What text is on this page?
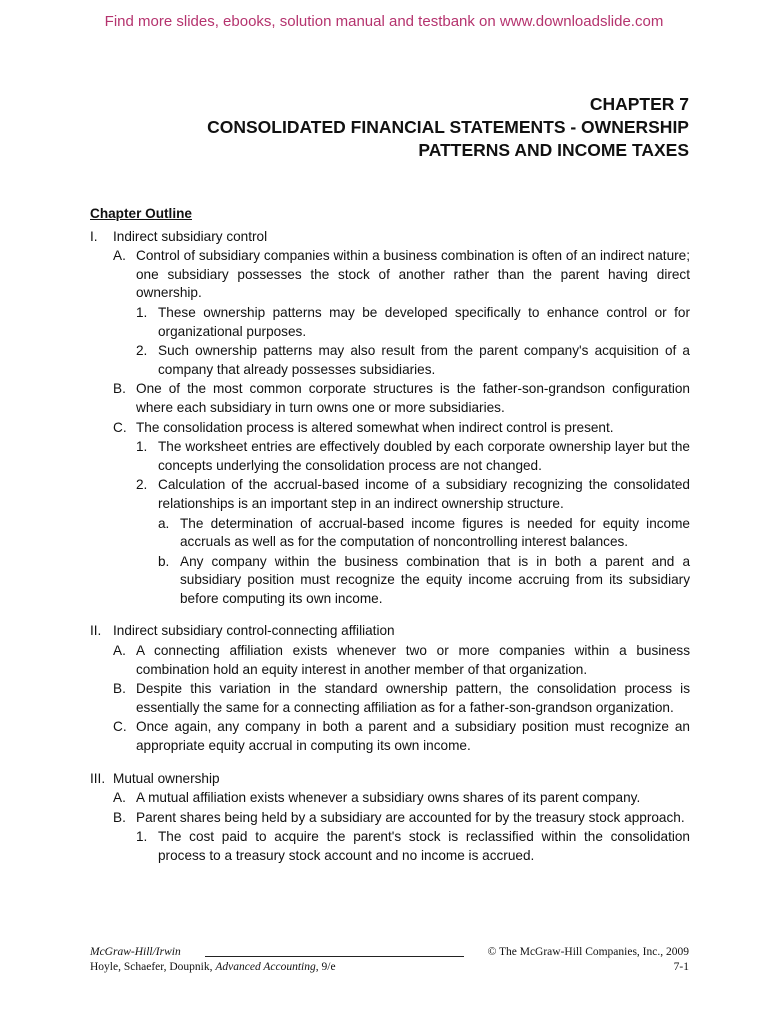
Find more slides, ebooks, solution manual and testbank on www.downloadslide.com
CHAPTER 7
CONSOLIDATED FINANCIAL STATEMENTS - OWNERSHIP
PATTERNS AND INCOME TAXES
Chapter Outline
I.	Indirect subsidiary control
A. Control of subsidiary companies within a business combination is often of an indirect nature; one subsidiary possesses the stock of another rather than the parent having direct ownership.
1. These ownership patterns may be developed specifically to enhance control or for organizational purposes.
2. Such ownership patterns may also result from the parent company's acquisition of a company that already possesses subsidiaries.
B. One of the most common corporate structures is the father-son-grandson configuration where each subsidiary in turn owns one or more subsidiaries.
C. The consolidation process is altered somewhat when indirect control is present.
1. The worksheet entries are effectively doubled by each corporate ownership layer but the concepts underlying the consolidation process are not changed.
2. Calculation of the accrual-based income of a subsidiary recognizing the consolidated relationships is an important step in an indirect ownership structure.
a. The determination of accrual-based income figures is needed for equity income accruals as well as for the computation of noncontrolling interest balances.
b. Any company within the business combination that is in both a parent and a subsidiary position must recognize the equity income accruing from its subsidiary before computing its own income.
II. Indirect subsidiary control-connecting affiliation
A. A connecting affiliation exists whenever two or more companies within a business combination hold an equity interest in another member of that organization.
B. Despite this variation in the standard ownership pattern, the consolidation process is essentially the same for a connecting affiliation as for a father-son-grandson organization.
C. Once again, any company in both a parent and a subsidiary position must recognize an appropriate equity accrual in computing its own income.
III. Mutual ownership
A. A mutual affiliation exists whenever a subsidiary owns shares of its parent company.
B. Parent shares being held by a subsidiary are accounted for by the treasury stock approach.
1. The cost paid to acquire the parent's stock is reclassified within the consolidation process to a treasury stock account and no income is accrued.
McGraw-Hill/Irwin	© The McGraw-Hill Companies, Inc., 2009
Hoyle, Schaefer, Doupnik, Advanced Accounting, 9/e	7-1
